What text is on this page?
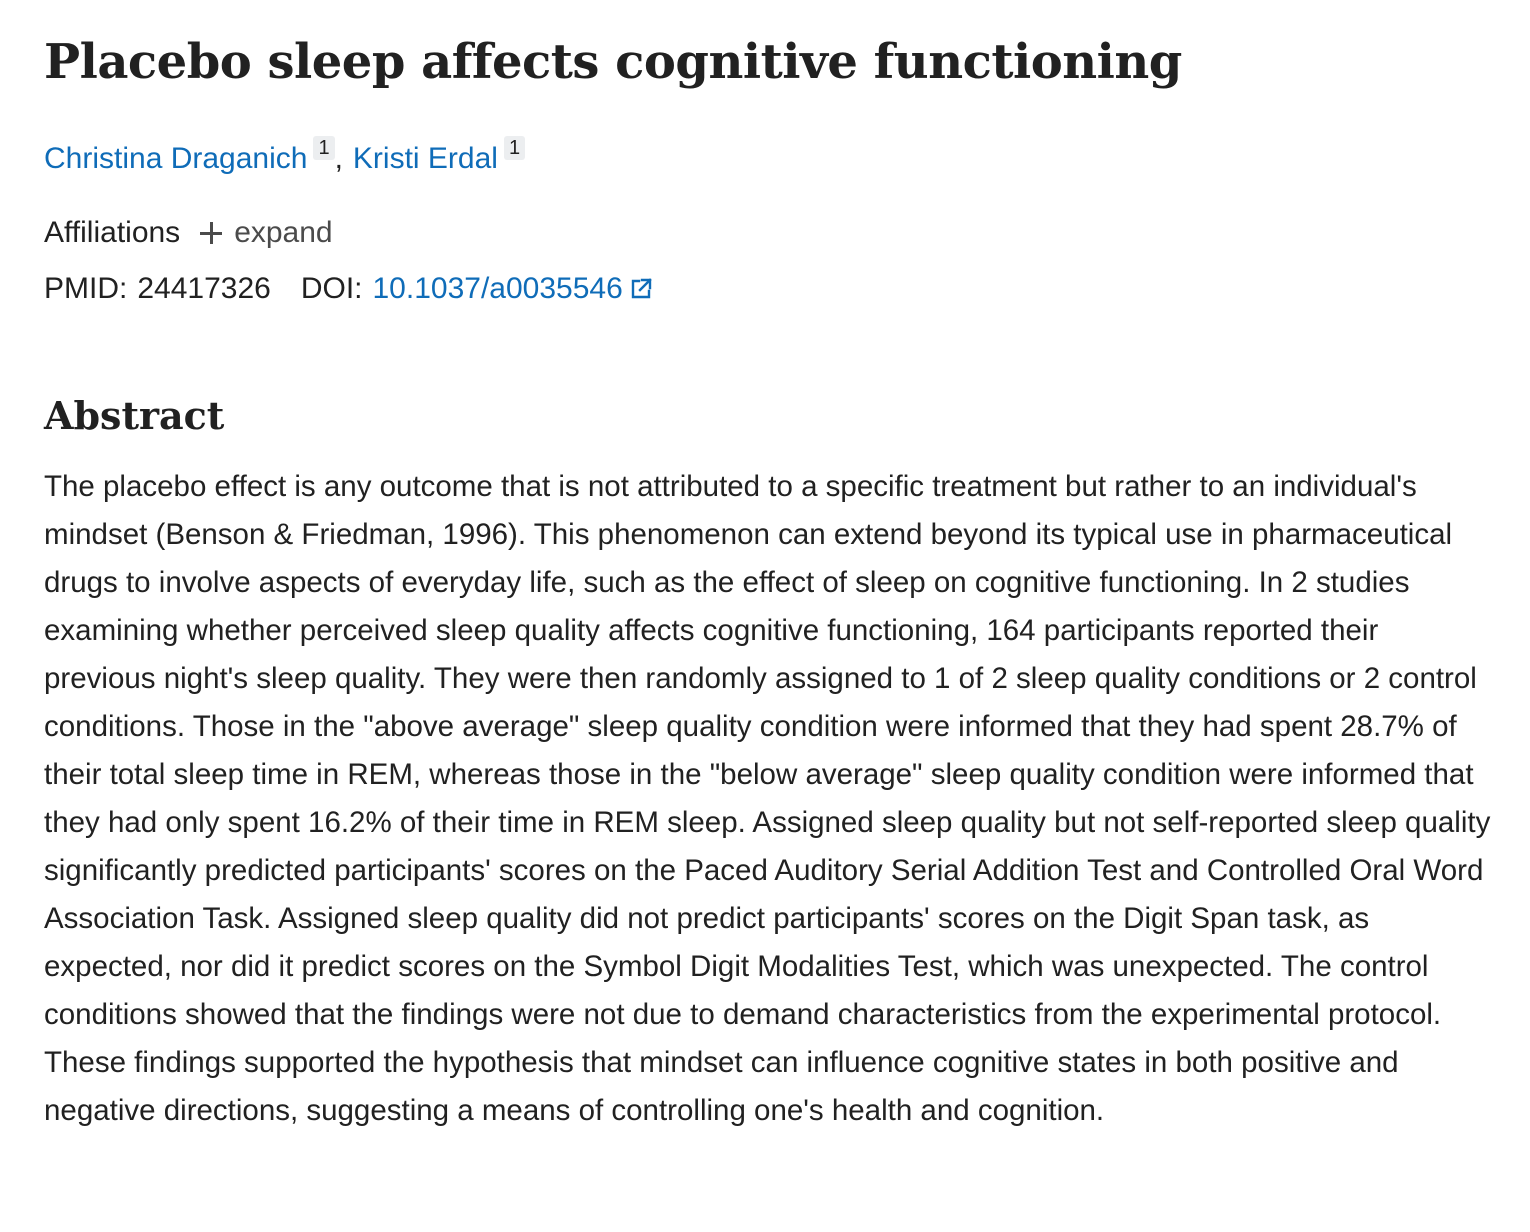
Placebo sleep affects cognitive functioning
Christina Draganich 1 , Kristi Erdal 1
Affiliations expand
PMID: 24417326 DOI: 10.1037/a0035546
Abstract
The placebo effect is any outcome that is not attributed to a specific treatment but rather to an individual's mindset (Benson & Friedman, 1996). This phenomenon can extend beyond its typical use in pharmaceutical drugs to involve aspects of everyday life, such as the effect of sleep on cognitive functioning. In 2 studies examining whether perceived sleep quality affects cognitive functioning, 164 participants reported their previous night's sleep quality. They were then randomly assigned to 1 of 2 sleep quality conditions or 2 control conditions. Those in the "above average" sleep quality condition were informed that they had spent 28.7% of their total sleep time in REM, whereas those in the "below average" sleep quality condition were informed that they had only spent 16.2% of their time in REM sleep. Assigned sleep quality but not self-reported sleep quality significantly predicted participants' scores on the Paced Auditory Serial Addition Test and Controlled Oral Word Association Task. Assigned sleep quality did not predict participants' scores on the Digit Span task, as expected, nor did it predict scores on the Symbol Digit Modalities Test, which was unexpected. The control conditions showed that the findings were not due to demand characteristics from the experimental protocol. These findings supported the hypothesis that mindset can influence cognitive states in both positive and negative directions, suggesting a means of controlling one's health and cognition.
